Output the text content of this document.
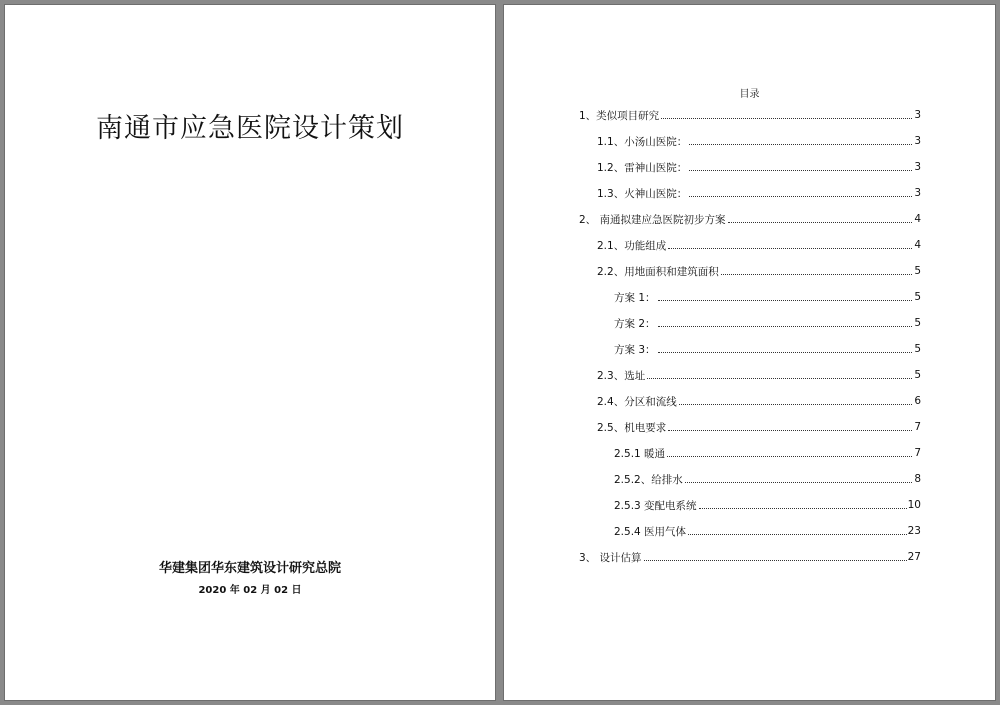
南通市应急医院设计策划
华建集团华东建筑设计研究总院
2020 年 02 月 02 日
目录
1、类似项目研究	3
1.1、小汤山医院：	3
1.2、雷神山医院：	3
1.3、火神山医院：	3
2、 南通拟建应急医院初步方案	4
2.1、功能组成	4
2.2、用地面积和建筑面积	5
方案 1：	5
方案 2：	5
方案 3：	5
2.3、选址	5
2.4、分区和流线	6
2.5、机电要求	7
2.5.1 暖通	7
2.5.2、给排水	8
2.5.3 变配电系统	10
2.5.4 医用气体	23
3、 设计估算	27
